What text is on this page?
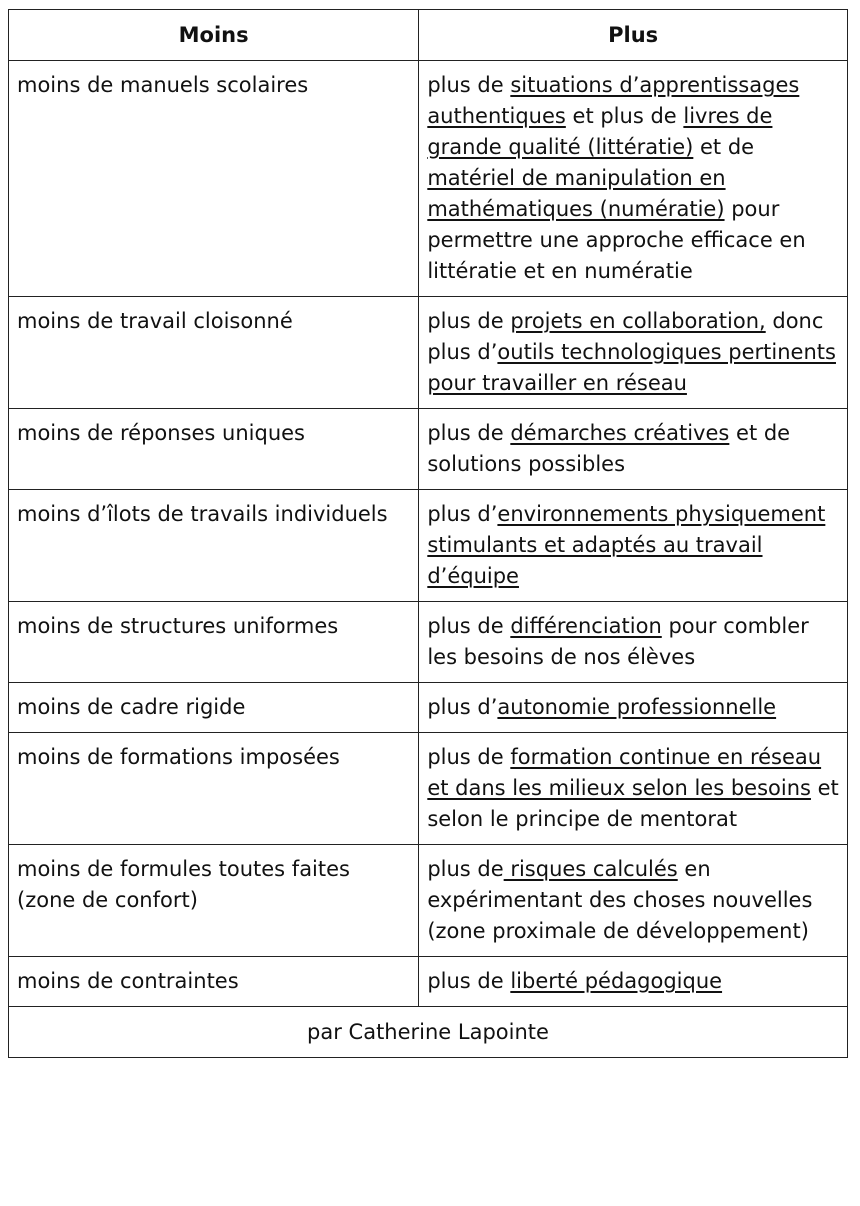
Moins	Plus

moins de manuels scolaires	plus de situations d’apprentissages authentiques et plus de livres de grande qualité (littératie) et de matériel de manipulation en mathématiques (numératie) pour permettre une approche efficace en littératie et en numératie

moins de travail cloisonné	plus de projets en collaboration, donc plus d’outils technologiques pertinents pour travailler en réseau

moins de réponses uniques	plus de démarches créatives et de solutions possibles

moins d’îlots de travails individuels	plus d’environnements physiquement stimulants et adaptés au travail d’équipe

moins de structures uniformes	plus de différenciation pour combler les besoins de nos élèves

moins de cadre rigide	plus d’autonomie professionnelle

moins de formations imposées	plus de formation continue en réseau et dans les milieux selon les besoins et selon le principe de mentorat

moins de formules toutes faites (zone de confort)	plus de risques calculés en expérimentant des choses nouvelles (zone proximale de développement)

moins de contraintes	plus de liberté pédagogique

par Catherine Lapointe	
